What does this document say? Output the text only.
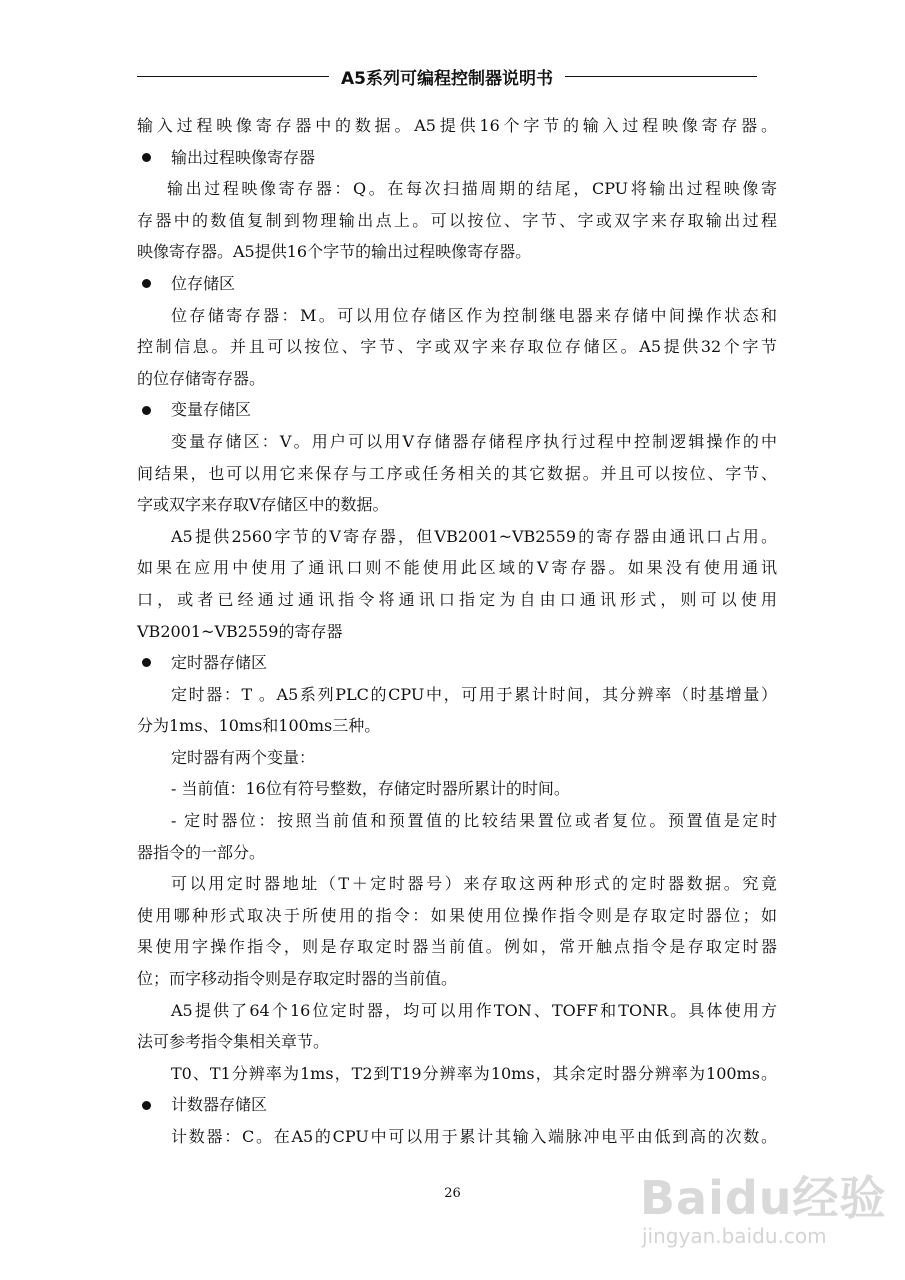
A5系列可编程控制器说明书
输入过程映像寄存器中的数据。A5提供16个字节的输入过程映像寄存器。
输出过程映像寄存器
输出过程映像寄存器：Q。在每次扫描周期的结尾，CPU将输出过程映像寄
存器中的数值复制到物理输出点上。可以按位、字节、字或双字来存取输出过程
映像寄存器。A5提供16个字节的输出过程映像寄存器。
位存储区
位存储寄存器：M。可以用位存储区作为控制继电器来存储中间操作状态和
控制信息。并且可以按位、字节、字或双字来存取位存储区。A5提供32个字节
的位存储寄存器。
变量存储区
变量存储区：V。用户可以用V存储器存储程序执行过程中控制逻辑操作的中
间结果，也可以用它来保存与工序或任务相关的其它数据。并且可以按位、字节、
字或双字来存取V存储区中的数据。
A5提供2560字节的V寄存器，但VB2001~VB2559的寄存器由通讯口占用。
如果在应用中使用了通讯口则不能使用此区域的V寄存器。如果没有使用通讯
口，或者已经通过通讯指令将通讯口指定为自由口通讯形式，则可以使用
VB2001~VB2559的寄存器
定时器存储区
定时器：T 。A5系列PLC的CPU中，可用于累计时间，其分辨率（时基增量）
分为1ms、10ms和100ms三种。
定时器有两个变量：
- 当前值：16位有符号整数，存储定时器所累计的时间。
- 定时器位：按照当前值和预置值的比较结果置位或者复位。预置值是定时
器指令的一部分。
可以用定时器地址（T＋定时器号）来存取这两种形式的定时器数据。究竟
使用哪种形式取决于所使用的指令：如果使用位操作指令则是存取定时器位；如
果使用字操作指令，则是存取定时器当前值。例如，常开触点指令是存取定时器
位；而字移动指令则是存取定时器的当前值。
A5提供了64个16位定时器，均可以用作TON、TOFF和TONR。具体使用方
法可参考指令集相关章节。
T0、T1分辨率为1ms，T2到T19分辨率为10ms，其余定时器分辨率为100ms。
计数器存储区
计数器：C。在A5的CPU中可以用于累计其输入端脉冲电平由低到高的次数。
26	Baidu经验
jingyan.baidu.com
